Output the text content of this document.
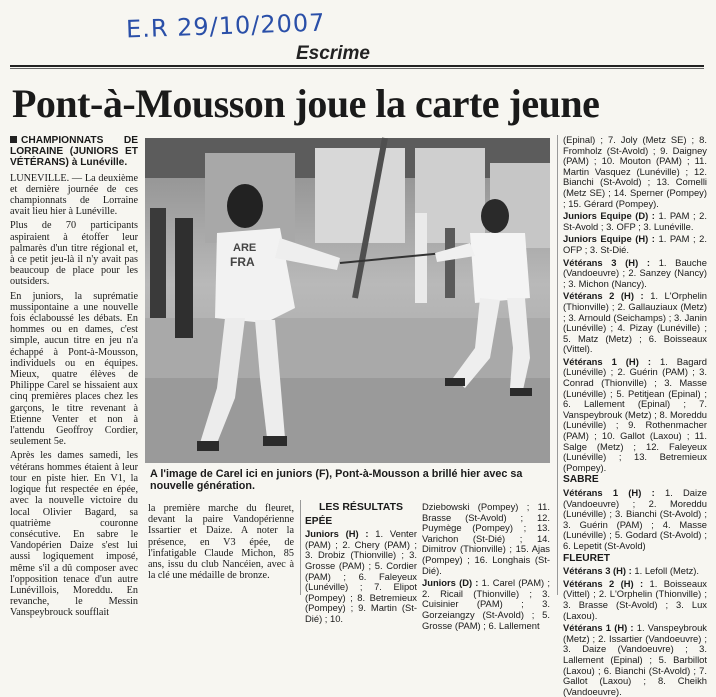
E.R 29/10/2007
Escrime
Pont-à-Mousson joue la carte jeune
CHAMPIONNATS DE LORRAINE (JUNIORS ET VÉTÉRANS) à Lunéville.

LUNEVILLE. — La deuxième et dernière journée de ces championnats de Lorraine avait lieu hier à Lunéville.

Plus de 70 participants aspiraient à étoffer leur palmarès d'un titre régional et, à ce petit jeu-là il n'y avait pas beaucoup de place pour les outsiders.

En juniors, la suprématie mussipontaine a une nouvelle fois éclaboussé les débats. En hommes ou en dames, c'est simple, aucun titre en jeu n'a échappé à Pont-à-Mousson, individuels ou en équipes. Mieux, quatre élèves de Philippe Carel se hissaient aux cinq premières places chez les garçons, le titre revenant à Etienne Venter et non à l'attendu Geoffroy Cordier, seulement 5e.

Après les dames samedi, les vétérans hommes étaient à leur tour en piste hier. En V1, la logique fut respectée en épée, avec la nouvelle victoire du local Olivier Bagard, sa quatrième couronne consécutive. En sabre le Vandopérien Daize s'est lui aussi logiquement imposé, même s'il a dû composer avec l'opposition tenace d'un autre Lunévillois, Moreddu. En revanche, le Messin Vanspeybrouck soufflait

ARE
FRA
A l'image de Carel ici en juniors (F), Pont-à-Mousson a brillé hier avec sa nouvelle génération.

la première marche du fleuret, devant la paire Vandopérienne Issartier et Daize. A noter la présence, en V3 épée, de l'infatigable Claude Michon, 85 ans, issu du club Nancéien, avec à la clé une médaille de bronze.

LES RÉSULTATS
EPÉE

Juniors (H) : 1. Venter (PAM) ; 2. Chery (PAM) ; 3. Drobiz (Thionville) ; 3. Grosse (PAM) ; 5. Cordier (PAM) ; 6. Faleyeux (Lunéville) ; 7. Elipot (Pompey) ; 8. Betremieux (Pompey) ; 9. Martin (St-Dié) ; 10.

Dziebowski (Pompey) ; 11. Brasse (St-Avold) ; 12. Puymège (Pompey) ; 13. Varichon (St-Dié) ; 14. Dimitrov (Thionville) ; 15. Ajas (Pompey) ; 16. Longhais (St-Dié).

Juniors (D) : 1. Carel (PAM) ; 2. Ricail (Thionville) ; 3. Cuisinier (PAM) ; 3. Gorzeiangzy (St-Avold) ; 5. Grosse (PAM) ; 6. Lallement

(Epinal) ; 7. Joly (Metz SE) ; 8. Fromholz (St-Avold) ; 9. Daigney (PAM) ; 10. Mouton (PAM) ; 11. Martin Vasquez (Lunéville) ; 12. Bianchi (St-Avold) ; 13. Comelli (Metz SE) ; 14. Sperner (Pompey) ; 15. Gérard (Pompey).

Juniors Equipe (D) : 1. PAM ; 2. St-Avold ; 3. OFP ; 3. Lunéville.

Juniors Equipe (H) : 1. PAM ; 2. OFP ; 3. St-Dié.

Vétérans 3 (H) : 1. Bauche (Vandoeuvre) ; 2. Sanzey (Nancy) ; 3. Michon (Nancy).

Vétérans 2 (H) : 1. L'Orphelin (Thionville) ; 2. Gallauziaux (Metz) ; 3. Arnould (Seichamps) ; 3. Janin (Lunéville) ; 4. Pizay (Lunéville) ; 5. Matz (Metz) ; 6. Boisseaux (Vittel).

Vétérans 1 (H) : 1. Bagard (Lunéville) ; 2. Guérin (PAM) ; 3. Conrad (Thionville) ; 3. Masse (Lunéville) ; 5. Petitjean (Epinal) ; 6. Lallement (Epinal) ; 7. Vanspeybrouk (Metz) ; 8. Moreddu (Lunéville) ; 9. Rothenmacher (PAM) ; 10. Gallot (Laxou) ; 11. Salge (Metz) ; 12. Faleyeux (Lunéville) ; 13. Betremieux (Pompey).

SABRE

Vétérans 1 (H) : 1. Daize (Vandoeuvre) ; 2. Moreddu (Lunéville) ; 3. Bianchi (St-Avold) ; 3. Guérin (PAM) ; 4. Masse (Lunéville) ; 5. Godard (St-Avold) ; 6. Lepetit (St-Avold)

FLEURET

Vétérans 3 (H) : 1. Lefoll (Metz).

Vétérans 2 (H) : 1. Boisseaux (Vittel) ; 2. L'Orphelin (Thionville) ; 3. Brasse (St-Avold) ; 3. Lux (Laxou).

Vétérans 1 (H) : 1. Vanspeybrouk (Metz) ; 2. Issartier (Vandoeuvre) ; 3. Daize (Vandoeuvre) ; 3. Lallement (Epinal) ; 5. Barbillot (Laxou) ; 6. Bianchi (St-Avold) ; 7. Gallot (Laxou) ; 8. Cheikh (Vandoeuvre).
